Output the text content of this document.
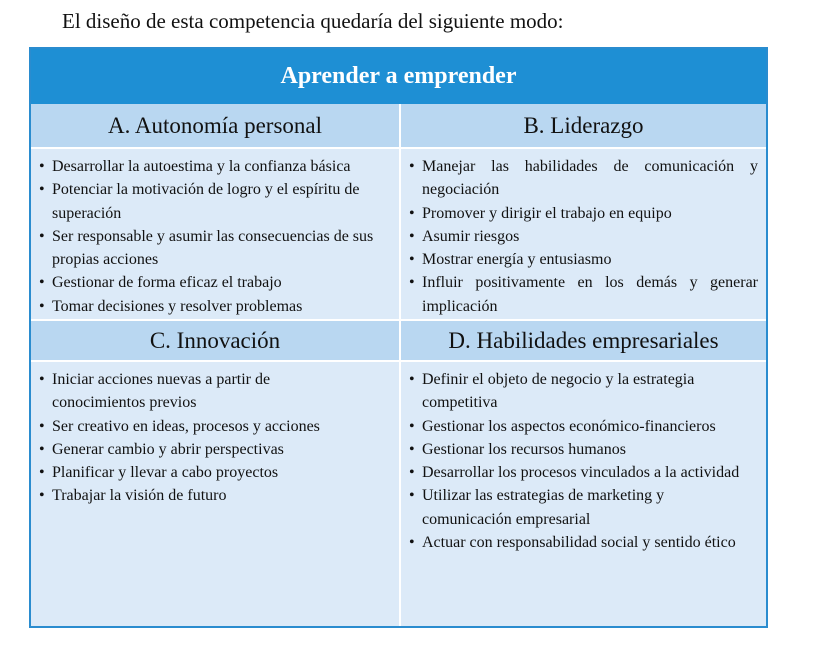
El diseño de esta competencia quedaría del siguiente modo:
Aprender a emprender
A. Autonomía personal
• Desarrollar la autoestima y la confianza básica
• Potenciar la motivación de logro y el espíritu de superación
• Ser responsable y asumir las consecuencias de sus propias acciones
• Gestionar de forma eficaz el trabajo
• Tomar decisiones y resolver problemas
B. Liderazgo
• Manejar las habilidades de comunicación y negociación
• Promover y dirigir el trabajo en equipo
• Asumir riesgos
• Mostrar energía y entusiasmo
• Influir positivamente en los demás y generar implicación
C. Innovación
• Iniciar acciones nuevas a partir de conocimientos previos
• Ser creativo en ideas, procesos y acciones
• Generar cambio y abrir perspectivas
• Planificar y llevar a cabo proyectos
• Trabajar la visión de futuro
D. Habilidades empresariales
• Definir el objeto de negocio y la estrategia competitiva
• Gestionar los aspectos económico-financieros
• Gestionar los recursos humanos
• Desarrollar los procesos vinculados a la actividad
• Utilizar las estrategias de marketing y comunicación empresarial
• Actuar con responsabilidad social y sentido ético
